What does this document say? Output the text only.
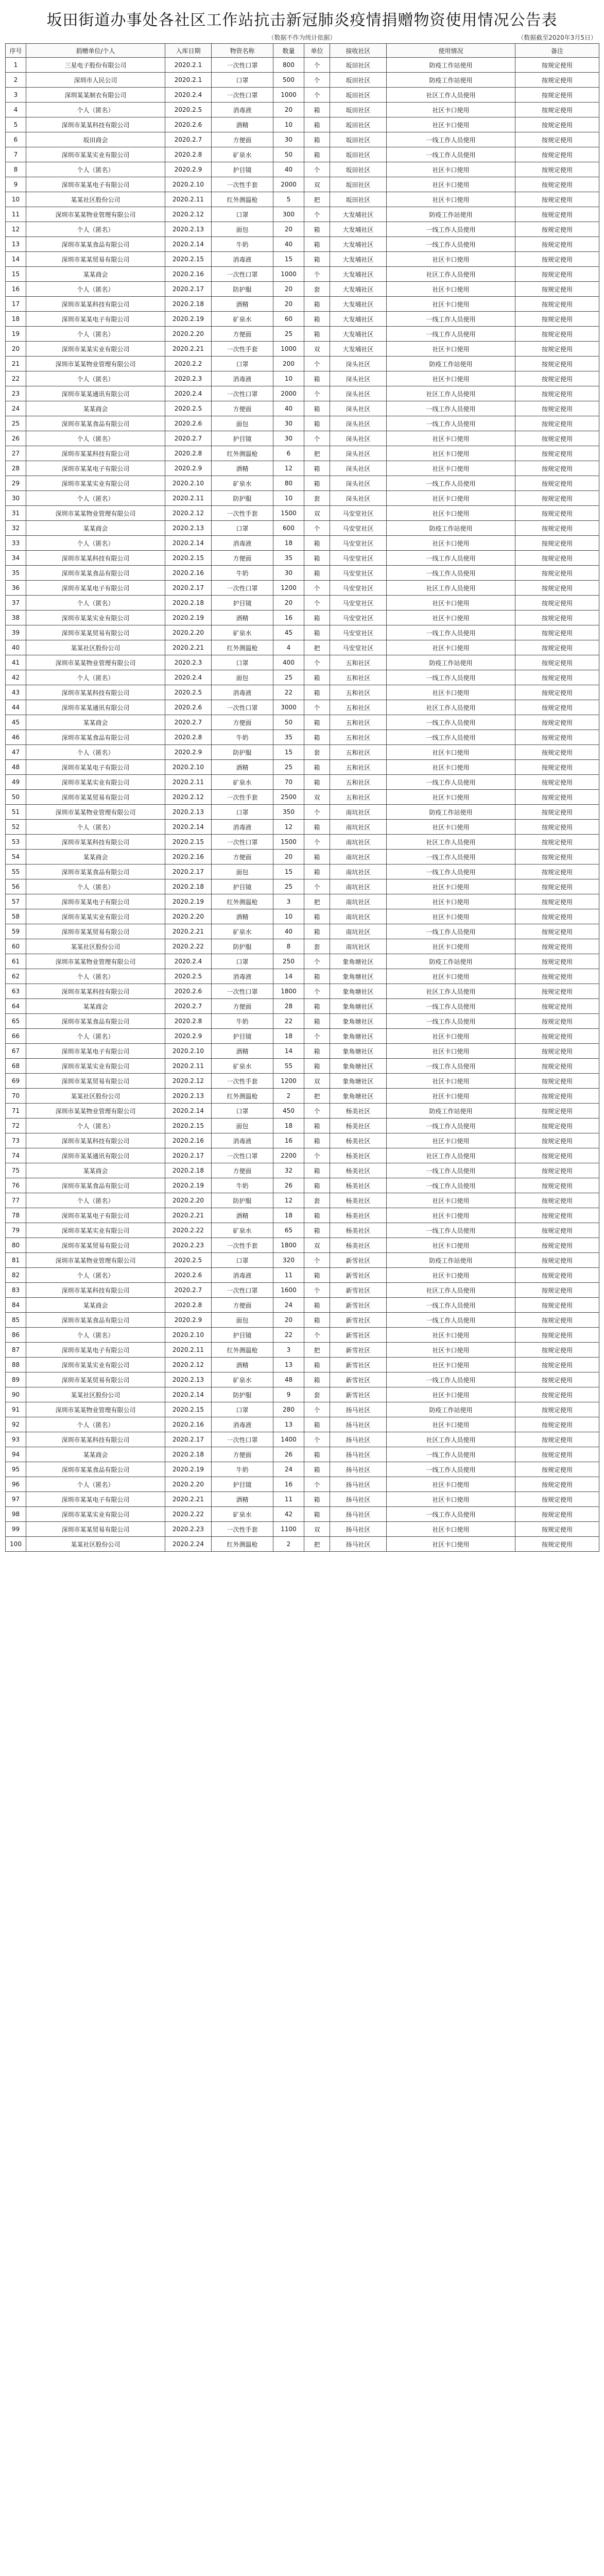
坂田街道办事处各社区工作站抗击新冠肺炎疫情捐赠物资使用情况公告表
（数据不作为统计依据）	（数据截至2020年3月5日）
序号	捐赠单位/个人	入库日期	物资名称	数量	单位	接收社区	使用情况	备注
1	三星电子股份有限公司	2020.2.1	一次性口罩	800	个	坂田社区	防疫工作站使用	按规定使用
2	深圳市人民公司	2020.2.1	口罩	500	个	坂田社区	防疫工作站使用	按规定使用
3	深圳某某制衣有限公司	2020.2.4	一次性口罩	1000	个	坂田社区	社区工作人员使用	按规定使用
4	个人（匿名）	2020.2.5	消毒液	20	箱	坂田社区	社区卡口使用	按规定使用
5	深圳市某某科技有限公司	2020.2.6	酒精	10	箱	坂田社区	社区卡口使用	按规定使用
6	坂田商会	2020.2.7	方便面	30	箱	坂田社区	一线工作人员使用	按规定使用
7	深圳市某某实业有限公司	2020.2.8	矿泉水	50	箱	坂田社区	一线工作人员使用	按规定使用
8	个人（匿名）	2020.2.9	护目镜	40	个	坂田社区	社区卡口使用	按规定使用
9	深圳市某某电子有限公司	2020.2.10	一次性手套	2000	双	坂田社区	社区卡口使用	按规定使用
10	某某社区股份公司	2020.2.11	红外测温枪	5	把	坂田社区	社区卡口使用	按规定使用
11	深圳市某某物业管理有限公司	2020.2.12	口罩	300	个	大发埔社区	防疫工作站使用	按规定使用
12	个人（匿名）	2020.2.13	面包	20	箱	大发埔社区	一线工作人员使用	按规定使用
13	深圳市某某食品有限公司	2020.2.14	牛奶	40	箱	大发埔社区	一线工作人员使用	按规定使用
14	深圳市某某贸易有限公司	2020.2.15	消毒液	15	箱	大发埔社区	社区卡口使用	按规定使用
15	某某商会	2020.2.16	一次性口罩	1000	个	大发埔社区	社区工作人员使用	按规定使用
16	个人（匿名）	2020.2.17	防护服	20	套	大发埔社区	社区卡口使用	按规定使用
17	深圳市某某科技有限公司	2020.2.18	酒精	20	箱	大发埔社区	社区卡口使用	按规定使用
18	深圳市某某电子有限公司	2020.2.19	矿泉水	60	箱	大发埔社区	一线工作人员使用	按规定使用
19	个人（匿名）	2020.2.20	方便面	25	箱	大发埔社区	一线工作人员使用	按规定使用
20	深圳市某某实业有限公司	2020.2.21	一次性手套	1000	双	大发埔社区	社区卡口使用	按规定使用
21	深圳市某某物业管理有限公司	2020.2.2	口罩	200	个	岗头社区	防疫工作站使用	按规定使用
22	个人（匿名）	2020.2.3	消毒液	10	箱	岗头社区	社区卡口使用	按规定使用
23	深圳市某某通讯有限公司	2020.2.4	一次性口罩	2000	个	岗头社区	社区工作人员使用	按规定使用
24	某某商会	2020.2.5	方便面	40	箱	岗头社区	一线工作人员使用	按规定使用
25	深圳市某某食品有限公司	2020.2.6	面包	30	箱	岗头社区	一线工作人员使用	按规定使用
26	个人（匿名）	2020.2.7	护目镜	30	个	岗头社区	社区卡口使用	按规定使用
27	深圳市某某科技有限公司	2020.2.8	红外测温枪	6	把	岗头社区	社区卡口使用	按规定使用
28	深圳市某某电子有限公司	2020.2.9	酒精	12	箱	岗头社区	社区卡口使用	按规定使用
29	深圳市某某实业有限公司	2020.2.10	矿泉水	80	箱	岗头社区	一线工作人员使用	按规定使用
30	个人（匿名）	2020.2.11	防护服	10	套	岗头社区	社区卡口使用	按规定使用
31	深圳市某某物业管理有限公司	2020.2.12	一次性手套	1500	双	马安堂社区	社区卡口使用	按规定使用
32	某某商会	2020.2.13	口罩	600	个	马安堂社区	防疫工作站使用	按规定使用
33	个人（匿名）	2020.2.14	消毒液	18	箱	马安堂社区	社区卡口使用	按规定使用
34	深圳市某某科技有限公司	2020.2.15	方便面	35	箱	马安堂社区	一线工作人员使用	按规定使用
35	深圳市某某食品有限公司	2020.2.16	牛奶	30	箱	马安堂社区	一线工作人员使用	按规定使用
36	深圳市某某电子有限公司	2020.2.17	一次性口罩	1200	个	马安堂社区	社区工作人员使用	按规定使用
37	个人（匿名）	2020.2.18	护目镜	20	个	马安堂社区	社区卡口使用	按规定使用
38	深圳市某某实业有限公司	2020.2.19	酒精	16	箱	马安堂社区	社区卡口使用	按规定使用
39	深圳市某某贸易有限公司	2020.2.20	矿泉水	45	箱	马安堂社区	一线工作人员使用	按规定使用
40	某某社区股份公司	2020.2.21	红外测温枪	4	把	马安堂社区	社区卡口使用	按规定使用
41	深圳市某某物业管理有限公司	2020.2.3	口罩	400	个	五和社区	防疫工作站使用	按规定使用
42	个人（匿名）	2020.2.4	面包	25	箱	五和社区	一线工作人员使用	按规定使用
43	深圳市某某科技有限公司	2020.2.5	消毒液	22	箱	五和社区	社区卡口使用	按规定使用
44	深圳市某某通讯有限公司	2020.2.6	一次性口罩	3000	个	五和社区	社区工作人员使用	按规定使用
45	某某商会	2020.2.7	方便面	50	箱	五和社区	一线工作人员使用	按规定使用
46	深圳市某某食品有限公司	2020.2.8	牛奶	35	箱	五和社区	一线工作人员使用	按规定使用
47	个人（匿名）	2020.2.9	防护服	15	套	五和社区	社区卡口使用	按规定使用
48	深圳市某某电子有限公司	2020.2.10	酒精	25	箱	五和社区	社区卡口使用	按规定使用
49	深圳市某某实业有限公司	2020.2.11	矿泉水	70	箱	五和社区	一线工作人员使用	按规定使用
50	深圳市某某贸易有限公司	2020.2.12	一次性手套	2500	双	五和社区	社区卡口使用	按规定使用
51	深圳市某某物业管理有限公司	2020.2.13	口罩	350	个	南坑社区	防疫工作站使用	按规定使用
52	个人（匿名）	2020.2.14	消毒液	12	箱	南坑社区	社区卡口使用	按规定使用
53	深圳市某某科技有限公司	2020.2.15	一次性口罩	1500	个	南坑社区	社区工作人员使用	按规定使用
54	某某商会	2020.2.16	方便面	20	箱	南坑社区	一线工作人员使用	按规定使用
55	深圳市某某食品有限公司	2020.2.17	面包	15	箱	南坑社区	一线工作人员使用	按规定使用
56	个人（匿名）	2020.2.18	护目镜	25	个	南坑社区	社区卡口使用	按规定使用
57	深圳市某某电子有限公司	2020.2.19	红外测温枪	3	把	南坑社区	社区卡口使用	按规定使用
58	深圳市某某实业有限公司	2020.2.20	酒精	10	箱	南坑社区	社区卡口使用	按规定使用
59	深圳市某某贸易有限公司	2020.2.21	矿泉水	40	箱	南坑社区	一线工作人员使用	按规定使用
60	某某社区股份公司	2020.2.22	防护服	8	套	南坑社区	社区卡口使用	按规定使用
61	深圳市某某物业管理有限公司	2020.2.4	口罩	250	个	象角塘社区	防疫工作站使用	按规定使用
62	个人（匿名）	2020.2.5	消毒液	14	箱	象角塘社区	社区卡口使用	按规定使用
63	深圳市某某科技有限公司	2020.2.6	一次性口罩	1800	个	象角塘社区	社区工作人员使用	按规定使用
64	某某商会	2020.2.7	方便面	28	箱	象角塘社区	一线工作人员使用	按规定使用
65	深圳市某某食品有限公司	2020.2.8	牛奶	22	箱	象角塘社区	一线工作人员使用	按规定使用
66	个人（匿名）	2020.2.9	护目镜	18	个	象角塘社区	社区卡口使用	按规定使用
67	深圳市某某电子有限公司	2020.2.10	酒精	14	箱	象角塘社区	社区卡口使用	按规定使用
68	深圳市某某实业有限公司	2020.2.11	矿泉水	55	箱	象角塘社区	一线工作人员使用	按规定使用
69	深圳市某某贸易有限公司	2020.2.12	一次性手套	1200	双	象角塘社区	社区卡口使用	按规定使用
70	某某社区股份公司	2020.2.13	红外测温枪	2	把	象角塘社区	社区卡口使用	按规定使用
71	深圳市某某物业管理有限公司	2020.2.14	口罩	450	个	杨美社区	防疫工作站使用	按规定使用
72	个人（匿名）	2020.2.15	面包	18	箱	杨美社区	一线工作人员使用	按规定使用
73	深圳市某某科技有限公司	2020.2.16	消毒液	16	箱	杨美社区	社区卡口使用	按规定使用
74	深圳市某某通讯有限公司	2020.2.17	一次性口罩	2200	个	杨美社区	社区工作人员使用	按规定使用
75	某某商会	2020.2.18	方便面	32	箱	杨美社区	一线工作人员使用	按规定使用
76	深圳市某某食品有限公司	2020.2.19	牛奶	26	箱	杨美社区	一线工作人员使用	按规定使用
77	个人（匿名）	2020.2.20	防护服	12	套	杨美社区	社区卡口使用	按规定使用
78	深圳市某某电子有限公司	2020.2.21	酒精	18	箱	杨美社区	社区卡口使用	按规定使用
79	深圳市某某实业有限公司	2020.2.22	矿泉水	65	箱	杨美社区	一线工作人员使用	按规定使用
80	深圳市某某贸易有限公司	2020.2.23	一次性手套	1800	双	杨美社区	社区卡口使用	按规定使用
81	深圳市某某物业管理有限公司	2020.2.5	口罩	320	个	新雪社区	防疫工作站使用	按规定使用
82	个人（匿名）	2020.2.6	消毒液	11	箱	新雪社区	社区卡口使用	按规定使用
83	深圳市某某科技有限公司	2020.2.7	一次性口罩	1600	个	新雪社区	社区工作人员使用	按规定使用
84	某某商会	2020.2.8	方便面	24	箱	新雪社区	一线工作人员使用	按规定使用
85	深圳市某某食品有限公司	2020.2.9	面包	20	箱	新雪社区	一线工作人员使用	按规定使用
86	个人（匿名）	2020.2.10	护目镜	22	个	新雪社区	社区卡口使用	按规定使用
87	深圳市某某电子有限公司	2020.2.11	红外测温枪	3	把	新雪社区	社区卡口使用	按规定使用
88	深圳市某某实业有限公司	2020.2.12	酒精	13	箱	新雪社区	社区卡口使用	按规定使用
89	深圳市某某贸易有限公司	2020.2.13	矿泉水	48	箱	新雪社区	一线工作人员使用	按规定使用
90	某某社区股份公司	2020.2.14	防护服	9	套	新雪社区	社区卡口使用	按规定使用
91	深圳市某某物业管理有限公司	2020.2.15	口罩	280	个	扬马社区	防疫工作站使用	按规定使用
92	个人（匿名）	2020.2.16	消毒液	13	箱	扬马社区	社区卡口使用	按规定使用
93	深圳市某某科技有限公司	2020.2.17	一次性口罩	1400	个	扬马社区	社区工作人员使用	按规定使用
94	某某商会	2020.2.18	方便面	26	箱	扬马社区	一线工作人员使用	按规定使用
95	深圳市某某食品有限公司	2020.2.19	牛奶	24	箱	扬马社区	一线工作人员使用	按规定使用
96	个人（匿名）	2020.2.20	护目镜	16	个	扬马社区	社区卡口使用	按规定使用
97	深圳市某某电子有限公司	2020.2.21	酒精	11	箱	扬马社区	社区卡口使用	按规定使用
98	深圳市某某实业有限公司	2020.2.22	矿泉水	42	箱	扬马社区	一线工作人员使用	按规定使用
99	深圳市某某贸易有限公司	2020.2.23	一次性手套	1100	双	扬马社区	社区卡口使用	按规定使用
100	某某社区股份公司	2020.2.24	红外测温枪	2	把	扬马社区	社区卡口使用	按规定使用
